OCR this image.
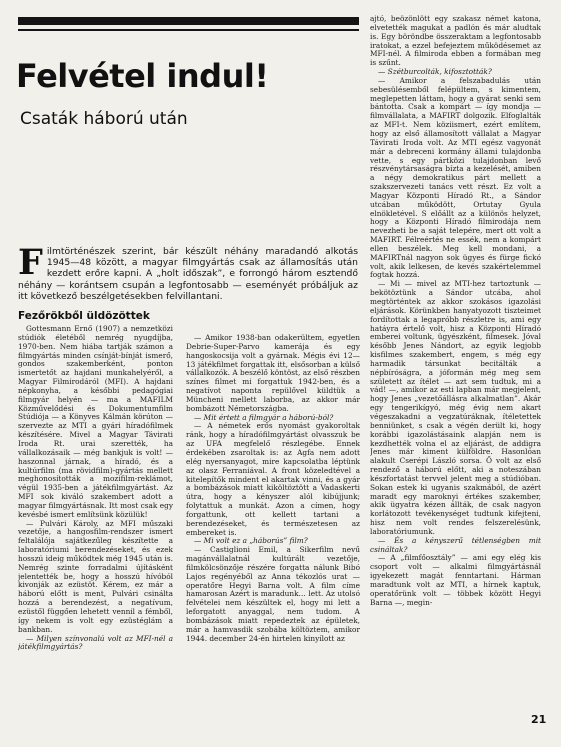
Felvétel indul!
Csaták háború után
Filmtörténészek szerint, bár készült néhány maradandó alkotás 1945—48 között, a magyar filmgyártás csak az államosítás után kezdett erőre kapni. A „holt időszak”, e forrongó három esztendő néhány — korántsem csupán a legfontosabb — eseményét próbáljuk az itt következő beszélgetésekben felvillantani.
Fezőrökből üldözöttek

Gottesmann Ernő (1907) a nemzetközi stúdiók életéből nemrég nyugdíjba, 1970-ben. Nem hiába tartják számon a filmgyártás minden csínját-bínját ismerő, gondos szakemberként, ponton ismertetőt az hajdani munkahelyéről, a Magyar Filmirodáról (MFI). A hajdani népkonyha, a későbbi pedagógiai filmgyár helyén — ma a MAFILM Közművelődési és Dokumentumfilm Stúdiója — a Könyves Kálmán körúton — szervezte az MTI a gyári híradófilmek készítésére. Mivel a Magyar Távirati Iroda Rt. urai szerették, ha vállalkozásaik — még bankjuk is volt! — haszonnal járnak, a híradó, és a kultúrfilm (ma rövidfilm)-gyártás mellett meghonosították a mozifilm-reklámot, végül 1935-ben a játékfilmgyártást. Az MFI sok kiváló szakembert adott a magyar filmgyártásnak. Itt most csak egy kevésbé ismert említsünk közülük!

— Pulvári Károly, az MFI műszaki vezetője, a hangosfilm-rendszer ismert feltalálója sajátkezűleg készítette a laboratóriumi berendezéseket, és ezek hosszú ideig működtek még 1945 után is. Nemrég szinte forradalmi újításként jelentették be, hogy a hosszú hívóból kivonják az ezüstöt. Kérem, ez már a háború előtt is ment, Pulvári csinálta hozzá a berendezést, a negatívum, ezüstől függően lehetett vennil a fémből, így nekem is volt egy ezüstéglám a bankban.

— Milyen színvonalú volt az MFI-nél a játékfilmgyártás?

— Amikor 1938-ban odakerültem, egyetlen Debrie-Super-Parvo kamerája és egy hangoskocsija volt a gyárnak. Mégis évi 12—13 játékfilmet forgattak itt, elsősorban a külső vállalkozók. A beszélő köntöst, az első részben színes filmet mi forgattuk 1942-ben, és a negatívot naponta repülővel küldtük a Müncheni mellett laborba, az akkor már bombázott Németországba.

— Mit értett a filmgyár a háború-ból?

— A németek erős nyomást gyakoroltak ránk, hogy a híradófilmgyártást olvasszuk be az UFA megfelelő részlegébe. Ennek érdekében zsaroltak is: az Agfa nem adott elég nyersanyagot, mire kapcsolatba léptünk az olasz Ferraniával. A front közeledtével a kitelepítők mindent el akartak vinni, és a gyár a bombázások miatt kiköltöztött a Vadaskerti útra, hogy a kényszer alól kibújjunk; folytattuk a munkát. Azon a címen, hogy forgattunk, ott kellett tartani a berendezéseket, és természetesen az embereket is.

— Mi volt ez a „háborús” film?

— Castiglioni Emil, a Sikerfilm nevű magánvállalatnál kultúrált vezetője, filmkölcsönzője részére forgatta nálunk Bibó Lajos regényéből az Anna tékozlós urat — operatőre Hegyi Barna volt. A film címe hamarosan Azért is maradunk… lett. Az utolsó felvételei nem készültek el, hogy mi lett a leforgatott anyaggal, nem tudom. A bombázások miatt repedeztek az épületek, már a hamvasdik szobába költöztem, amikor 1944. december 24-én hirtelen kinyílott az

ajtó, beözönlött egy szakasz német katona, elvetették magukat a padlón és már aludtak is. Egy böröndbe összeraktam a legfontosabb iratokat, a ezzel befejeztem működésemet az MFI-nél. A filmiroda ebben a formában meg is szűnt.

— Szétburcolták, kifosztották?

— Amikor a felszabadulás után sebesülésemből felépültem, s kimentem, meglepetten láttam, hogy a gyárat senki sem bántotta. Csak a kompárt — így mondja — filmvállalata, a MAFIRT dolgozik. Elfoglalták az MFI-t. Nem köziismert, ezért említem, hogy az első államosított vállalat a Magyar Távirati Iroda volt. Az MTI egész vagyonát már a debreceni kormány állami tulajdonba vette, s egy pártközi tulajdonban levő részvénytársaságra bízta a kezelését, amiben a négy demokratikus párt mellett a szakszervezeti tanács vett részt. Ez volt a Magyar Központi Híradó Rt., a Sándor utcában működött, Ortutay Gyula elnökletével. S előállt az a különös helyzet, hogy a Központi Híradó filmirodája nem nevezheti be a saját telepére, mert ott volt a MAFIRT. Félreértés ne essék, nem a kompárt ellen beszélek. Meg kell mondani, a MAFIRTnál nagyon sok ügyes és fürge fickó volt, akik lelkesen, de kevés szakértelemmel fogtak hozzá.

— Mi — mivel az MTI-hez tartoztunk — bekötöztünk a Sándor utcába, ahol megtörténtek az akkor szokásos igazolási eljárások. Körünkben hanyatyozott tiszteimet fordítottak a legapróbb részletre is, ami egy hatáyra értelő volt, hisz a Központi Híradó emberei voltunk, ügyészként, filmesek. Jóval később Jenes Nándort, az egyik legjobb kisfilmes szakembert, engem, s még egy harmadik társunkat becitálták a népbíróságra, a jóformán még meg sem született az ítélet — azt sem tudtuk, mi a vád! —, amikor az esti lapban már megjelent, hogy Jenes „vezetőállásra alkalmatlan”. Akár egy tengerikígyó, még évig nem akart végeszakadni a vegzatúráknak, ítéletettek benniünket, s csak a végén derült ki, hogy korábbi igazolástásaink alapján nem is kezdhették volna el az eljárást, de addigra Jenes már kiment külföldre. Hasonlóan alakult Cserépi László sorsa. Ő volt az első rendező a háború előtt, aki a noteszában készfortatást tervvel jelent meg a stúdióban. Sokan estek ki ugyanis szakmából, de azért maradt egy maroknyi értékes szakember, akik ügyatra kézen állták, de csak nagyon korlátozott tevékenységet tudtunk kifejteni, hisz nem volt rendes felszerelésünk, laboratóriumunk.

— És a kényszerű tétlenségben mit csináltak?

— A „filmfőosztály” — ami egy elég kis csoport volt — alkalmi filmgyártásnál igyekezett magát fenntartani. Hárman maradtunk volt az MTI, a hírnek kaptuk, operatőrünk volt — többek között Hegyi Barna —, megin-

21
